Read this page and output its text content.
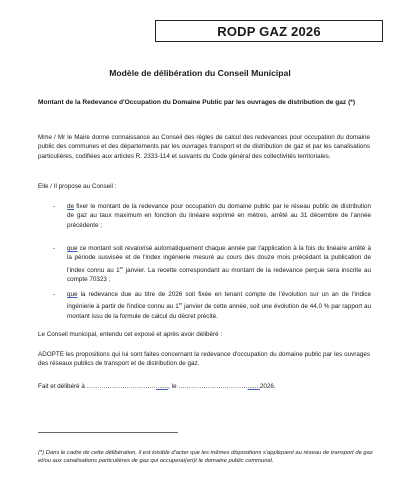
RODP GAZ 2026
Modèle de délibération du Conseil Municipal
Montant de la Redevance d'Occupation du Domaine Public par les ouvrages de distribution de gaz (*)
Mme / Mr le Maire donne connaissance au Conseil des règles de calcul des redevances pour occupation du domaine public des communes et des départements par les ouvrages transport et de distribution de gaz et par les canalisations particulières, codifiées aux articles R. 2333-114 et suivants du Code général des collectivités territoriales.
Elle / Il propose au Conseil :
- de fixer le montant de la redevance pour occupation du domaine public par le réseau public de distribution de gaz au taux maximum en fonction du linéaire exprimé en mètres, arrêté au 31 décembre de l'année précédente ;
- que ce montant soit revalorisé automatiquement chaque année par l'application à la fois du linéaire arrêté à la période susvisée et de l'index ingénierie mesuré au cours des douze mois précédant la publication de l'index connu au 1er janvier. La recette correspondant au montant de la redevance perçue sera inscrite au compte 70323 ;
- que la redevance due au titre de 2026 soit fixée en tenant compte de l'évolution sur un an de l'indice ingénierie à partir de l'indice connu au 1er janvier de cette année, soit une évolution de 44,0 % par rapport au montant issu de la formule de calcul du décret précité.
Le Conseil municipal, entendu cet exposé et après avoir délibéré :
ADOPTE les propositions qui lui sont faites concernant la redevance d'occupation du domaine public par les ouvrages des réseaux publics de transport et de distribution de gaz.
Fait et délibéré à ……………………………......., le …………………………….......2026.
(*) Dans le cadre de cette délibération, il est loisible d'acter que les mêmes dispositions s'appliquent au réseau de transport de gaz et/ou aux canalisations particulières de gaz qui occuperai(en)t le domaine public communal.
